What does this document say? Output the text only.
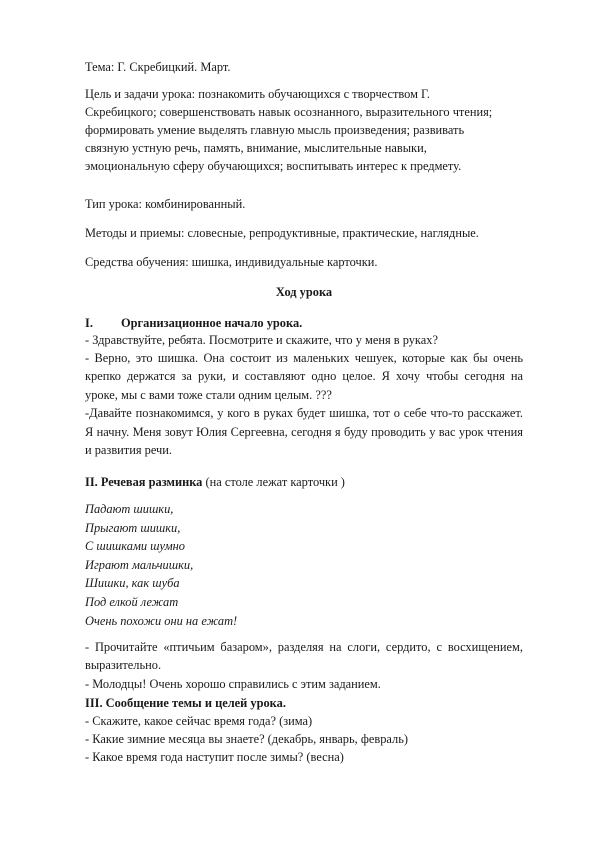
Тема: Г. Скребицкий. Март.
Цель и задачи урока: познакомить обучающихся с творчеством Г.
Скребицкого; совершенствовать навык осознанного, выразительного чтения;
формировать умение выделять главную мысль произведения; развивать
связную устную речь, память, внимание, мыслительные навыки,
эмоциональную сферу обучающихся; воспитывать интерес к предмету.
Тип урока: комбинированный.
Методы и приемы: словесные, репродуктивные, практические, наглядные.
Средства обучения: шишка, индивидуальные карточки.
Ход урока
I. Организационное начало урока.
- Здравствуйте, ребята. Посмотрите и скажите, что у меня в руках?
- Верно, это шишка. Она состоит из маленьких чешуек, которые как бы очень крепко держатся за руки, и составляют одно целое. Я хочу чтобы сегодня на уроке, мы с вами тоже стали одним целым. ???
-Давайте познакомимся, у кого в руках будет шишка, тот о себе что-то расскажет. Я начну. Меня зовут Юлия Сергеевна, сегодня я буду проводить у вас урок чтения и развития речи.
II. Речевая разминка (на столе лежат карточки )
Падают шишки,
Прыгают шишки,
С шишками шумно
Играют мальчишки,
Шишки, как шуба
Под елкой лежат
Очень похожи они на ежат!
- Прочитайте «птичьим базаром», разделяя на слоги, сердито, с восхищением, выразительно.
- Молодцы! Очень хорошо справились с этим заданием.
III. Сообщение темы и целей урока.
- Скажите, какое сейчас время года? (зима)
- Какие зимние месяца вы знаете? (декабрь, январь, февраль)
- Какое время года наступит после зимы? (весна)
